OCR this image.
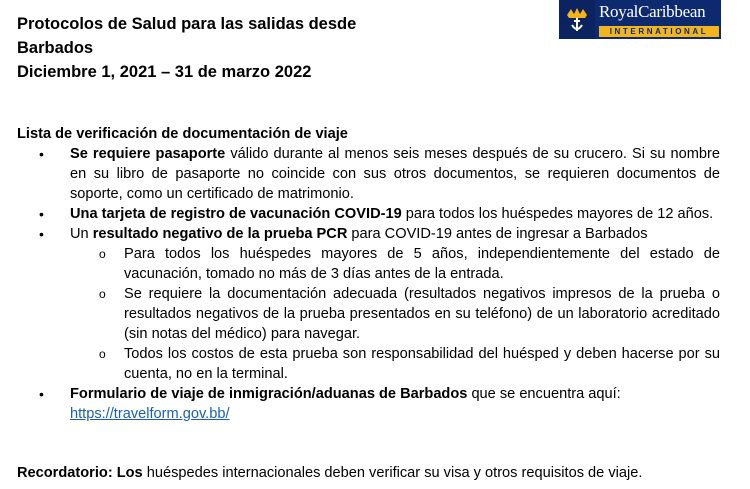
Protocolos de Salud para las salidas desde
Barbados
Diciembre 1, 2021 – 31 de marzo 2022
RoyalCaribbean
INTERNATIONAL
Lista de verificación de documentación de viaje
• Se requiere pasaporte válido durante al menos seis meses después de su crucero. Si su nombre en su libro de pasaporte no coincide con sus otros documentos, se requieren documentos de soporte, como un certificado de matrimonio.
• Una tarjeta de registro de vacunación COVID-19 para todos los huéspedes mayores de 12 años.
• Un resultado negativo de la prueba PCR para COVID-19 antes de ingresar a Barbados
o Para todos los huéspedes mayores de 5 años, independientemente del estado de vacunación, tomado no más de 3 días antes de la entrada.
o Se requiere la documentación adecuada (resultados negativos impresos de la prueba o resultados negativos de la prueba presentados en su teléfono) de un laboratorio acreditado (sin notas del médico) para navegar.
o Todos los costos de esta prueba son responsabilidad del huésped y deben hacerse por su cuenta, no en la terminal.
• Formulario de viaje de inmigración/aduanas de Barbados que se encuentra aquí:
https://travelform.gov.bb/
Recordatorio: Los huéspedes internacionales deben verificar su visa y otros requisitos de viaje.
